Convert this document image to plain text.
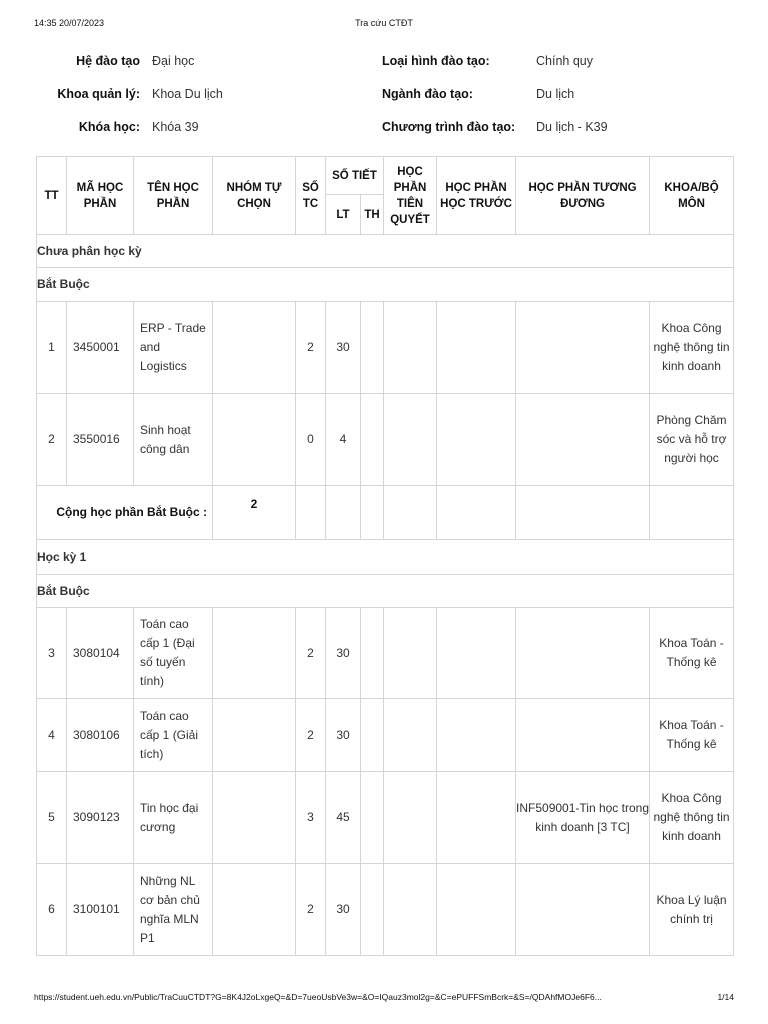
14:35 20/07/2023	Tra cứu CTĐT
Hệ đào tạo Đại học	Loại hình đào tạo:	Chính quy
Khoa quản lý: Khoa Du lịch	Ngành đào tạo:	Du lịch
Khóa học: Khóa 39	Chương trình đào tạo: Du lịch - K39
TT	MÃ HỌC PHẦN	TÊN HỌC PHẦN	NHÓM TỰ CHỌN	SỐ TC	SỐ TIẾT		HỌC PHẦN TIÊN QUYẾT	HỌC PHẦN HỌC TRƯỚC	HỌC PHẦN TƯƠNG ĐƯƠNG	KHOA/BỘ MÔN
					LT	TH				
Chưa phân học kỳ										
Bắt Buộc										
1	3450001	ERP - Trade and Logistics		2	30					Khoa Công nghệ thông tin kinh doanh
2	3550016	Sinh hoạt công dân		0	4					Phòng Chăm sóc và hỗ trợ người học
Cộng học phần Bắt Buộc :			2							
Học kỳ 1										
Bắt Buộc										
3	3080104	Toán cao cấp 1 (Đại số tuyến tính)		2	30					Khoa Toán - Thống kê
4	3080106	Toán cao cấp 1 (Giải tích)		2	30					Khoa Toán - Thống kê
5	3090123	Tin học đại cương		3	45				INF509001-Tin học trong kinh doanh [3 TC]	Khoa Công nghệ thông tin kinh doanh
6	3100101	Những NL cơ bản chủ nghĩa MLN P1		2	30					Khoa Lý luận chính trị
https://student.ueh.edu.vn/Public/TraCuuCTDT?G=8K4J2oLxgeQ=&D=7ueoUsbVe3w=&O=IQauz3mol2g=&C=ePUFFSmBcrk=&S=/QDAhfMOJe6F6...	1/14
